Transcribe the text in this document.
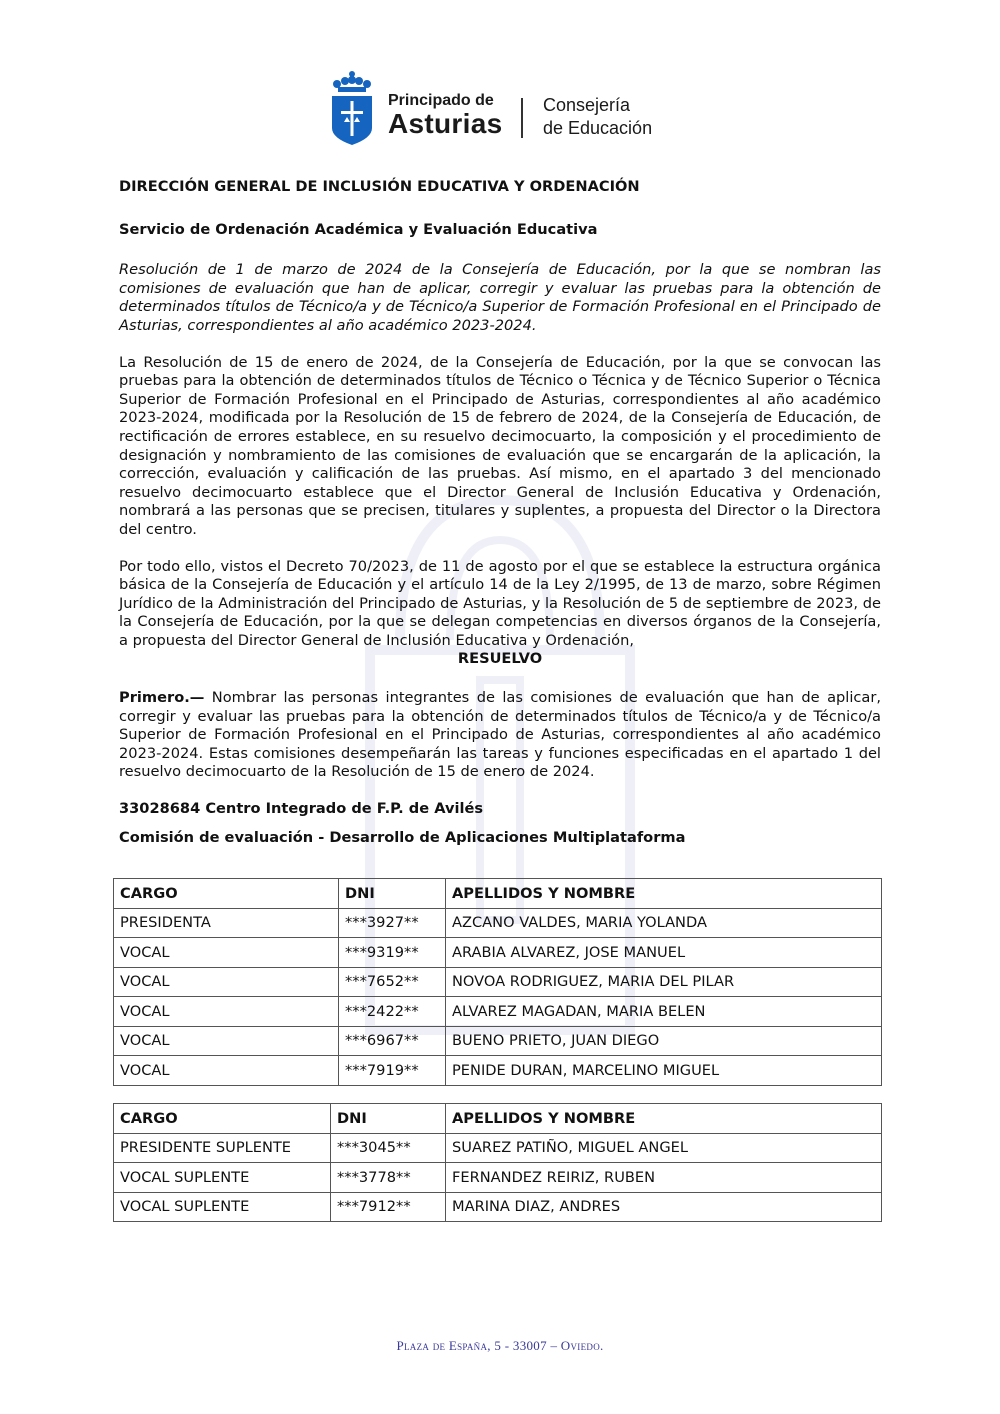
Principado de
Asturias
Consejería
de Educación

DIRECCIÓN GENERAL DE INCLUSIÓN EDUCATIVA Y ORDENACIÓN

Servicio de Ordenación Académica y Evaluación Educativa

Resolución de 1 de marzo de 2024 de la Consejería de Educación, por la que se nombran las comisiones de evaluación que han de aplicar, corregir y evaluar las pruebas para la obtención de determinados títulos de Técnico/a y de Técnico/a Superior de Formación Profesional en el Principado de Asturias, correspondientes al año académico 2023-2024.

La Resolución de 15 de enero de 2024, de la Consejería de Educación, por la que se convocan las pruebas para la obtención de determinados títulos de Técnico o Técnica y de Técnico Superior o Técnica Superior de Formación Profesional en el Principado de Asturias, correspondientes al año académico 2023-2024, modificada por la Resolución de 15 de febrero de 2024, de la Consejería de Educación, de rectificación de errores establece, en su resuelvo decimocuarto, la composición y el procedimiento de designación y nombramiento de las comisiones de evaluación que se encargarán de la aplicación, la corrección, evaluación y calificación de las pruebas. Así mismo, en el apartado 3 del mencionado resuelvo decimocuarto establece que el Director General de Inclusión Educativa y Ordenación, nombrará a las personas que se precisen, titulares y suplentes, a propuesta del Director o la Directora del centro.

Por todo ello, vistos el Decreto 70/2023, de 11 de agosto por el que se establece la estructura orgánica básica de la Consejería de Educación y el artículo 14 de la Ley 2/1995, de 13 de marzo, sobre Régimen Jurídico de la Administración del Principado de Asturias, y la Resolución de 5 de septiembre de 2023, de la Consejería de Educación, por la que se delegan competencias en diversos órganos de la Consejería, a propuesta del Director General de Inclusión Educativa y Ordenación,

RESUELVO

Primero.— Nombrar las personas integrantes de las comisiones de evaluación que han de aplicar, corregir y evaluar las pruebas para la obtención de determinados títulos de Técnico/a y de Técnico/a Superior de Formación Profesional en el Principado de Asturias, correspondientes al año académico 2023-2024. Estas comisiones desempeñarán las tareas y funciones especificadas en el apartado 1 del resuelvo decimocuarto de la Resolución de 15 de enero de 2024.

33028684 Centro Integrado de F.P. de Avilés

Comisión de evaluación - Desarrollo de Aplicaciones Multiplataforma

CARGO	DNI	APELLIDOS Y NOMBRE
PRESIDENTA	***3927**	AZCANO VALDES, MARIA YOLANDA
VOCAL	***9319**	ARABIA ALVAREZ, JOSE MANUEL
VOCAL	***7652**	NOVOA RODRIGUEZ, MARIA DEL PILAR
VOCAL	***2422**	ALVAREZ MAGADAN, MARIA BELEN
VOCAL	***6967**	BUENO PRIETO, JUAN DIEGO
VOCAL	***7919**	PENIDE DURAN, MARCELINO MIGUEL
CARGO	DNI	APELLIDOS Y NOMBRE
PRESIDENTE SUPLENTE	***3045**	SUAREZ PATIÑO, MIGUEL ANGEL
VOCAL SUPLENTE	***3778**	FERNANDEZ REIRIZ, RUBEN
VOCAL SUPLENTE	***7912**	MARINA DIAZ, ANDRES
Plaza de España, 5 - 33007 – Oviedo.
